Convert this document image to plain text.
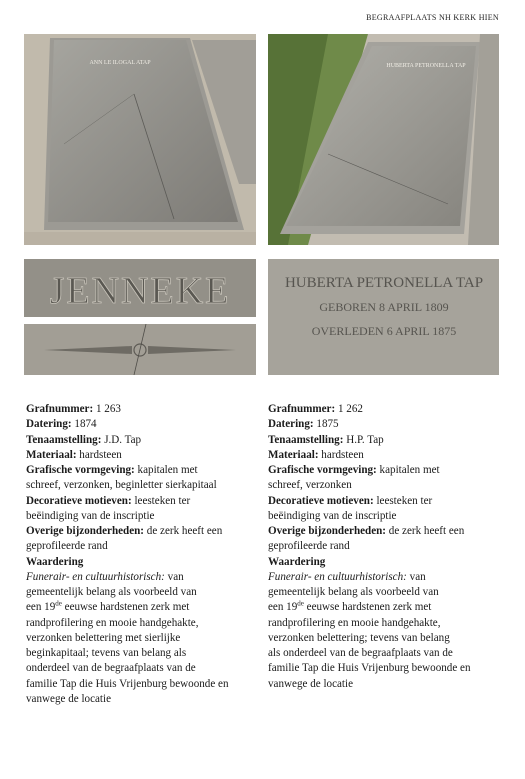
BEGRAAFPLAATS NH KERK HIEN
ANN LE ILOGAL ATAP	HUBERTA PETRONELLA TAP
JENNEKE	HUBERTA PETRONELLA TAP
GEBOREN 8 APRIL 1809
OVERLEDEN 6 APRIL 1875

Grafnummer: 1 263

Datering: 1874

Tenaamstelling: J.D. Tap

Materiaal: hardsteen

Grafische vormgeving: kapitalen met

schreef, verzonken, beginletter sierkapitaal

Decoratieve motieven: leesteken ter

beëindiging van de inscriptie

Overige bijzonderheden: de zerk heeft een

geprofileerde rand

Waardering

Funerair- en cultuurhistorisch: van

gemeentelijk belang als voorbeeld van

een 19de eeuwse hardstenen zerk met

randprofilering en mooie handgehakte,

verzonken belettering met sierlijke

beginkapitaal; tevens van belang als

onderdeel van de begraafplaats van de

familie Tap die Huis Vrijenburg bewoonde en

vanwege de locatie

Grafnummer: 1 262

Datering: 1875

Tenaamstelling: H.P. Tap

Materiaal: hardsteen

Grafische vormgeving: kapitalen met

schreef, verzonken

Decoratieve motieven: leesteken ter

beëindiging van de inscriptie

Overige bijzonderheden: de zerk heeft een

geprofileerde rand

Waardering

Funerair- en cultuurhistorisch: van

gemeentelijk belang als voorbeeld van

een 19de eeuwse hardstenen zerk met

randprofilering en mooie handgehakte,

verzonken belettering; tevens van belang

als onderdeel van de begraafplaats van de

familie Tap die Huis Vrijenburg bewoonde en

vanwege de locatie
